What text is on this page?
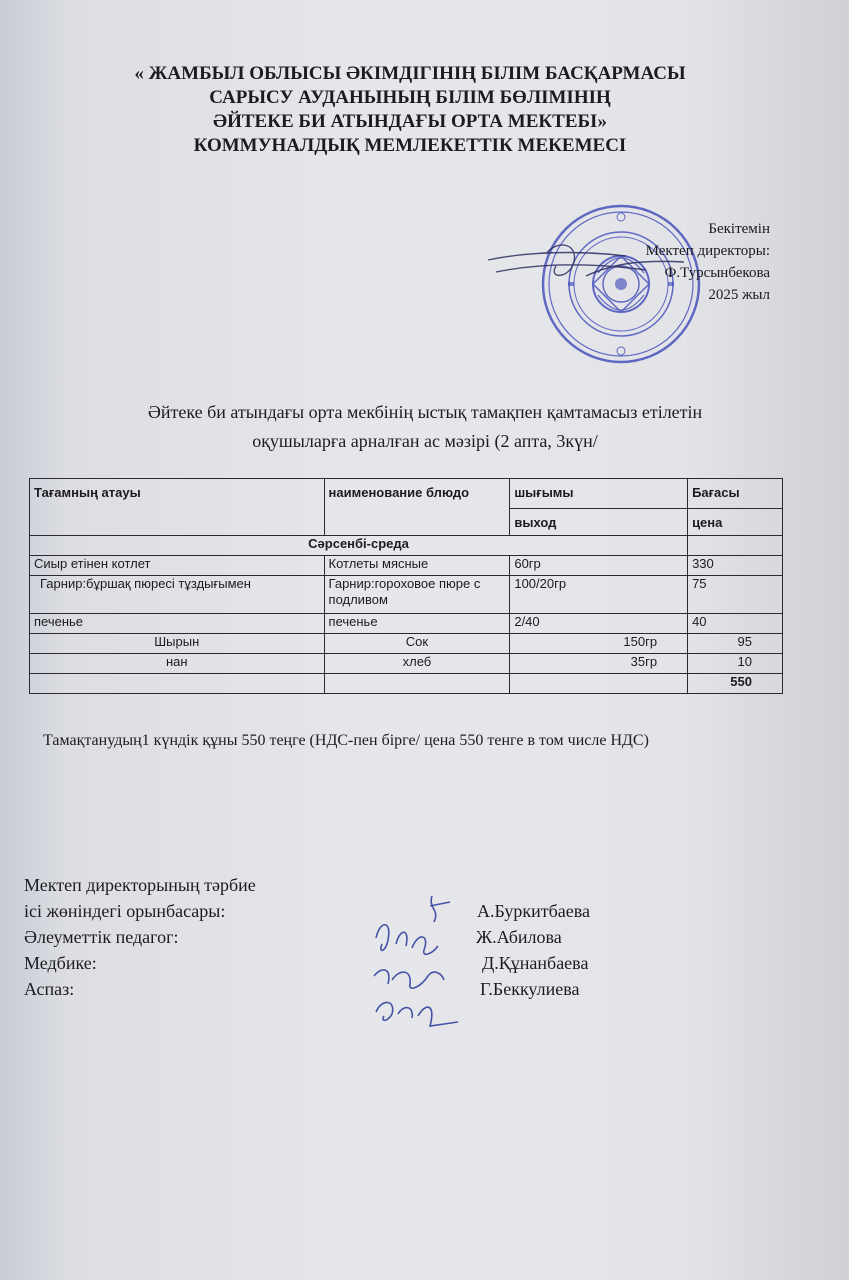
« ЖАМБЫЛ ОБЛЫСЫ ӘКІМДІГІНІҢ БІЛІМ БАСҚАРМАСЫ
САРЫСУ АУДАНЫНЫҢ БІЛІМ БӨЛІМІНІҢ
ӘЙТЕКЕ БИ АТЫНДАҒЫ ОРТА МЕКТЕБІ»
КОММУНАЛДЫҚ МЕМЛЕКЕТТІК МЕКЕМЕСІ
Бекітемін
Мектеп директоры:
Ф.Турсынбекова
2025 жыл
Әйтеке би атындағы орта мекбінің ыстық тамақпен қамтамасыз етілетін
оқушыларға арналған ас мәзірі (2 апта, 3күн/
Тағамның атауы	наименование блюдо	шығымы	Бағасы
		выход	цена
Сәрсенбі-среда			
Сиыр етінен котлет	Котлеты мясные	60гр	330
Гарнир:бұршақ пюресі тұздығымен	Гарнир:гороховое пюре с подливом	100/20гр	75
печенье	печенье	2/40	40
Шырын	Сок	150гр	95
нан	хлеб	35гр	10
			550
Тамақтанудың1 күндік құны 550 теңге (НДС-пен бірге/ цена 550 тенге в том числе НДС)
Мектеп директорының тәрбие
ісі жөніндегі орынбасары:	А.Буркитбаева
Әлеуметтік педагог:	Ж.Абилова
Медбике:	Д.Құнанбаева
Аспаз:	Г.Беккулиева
